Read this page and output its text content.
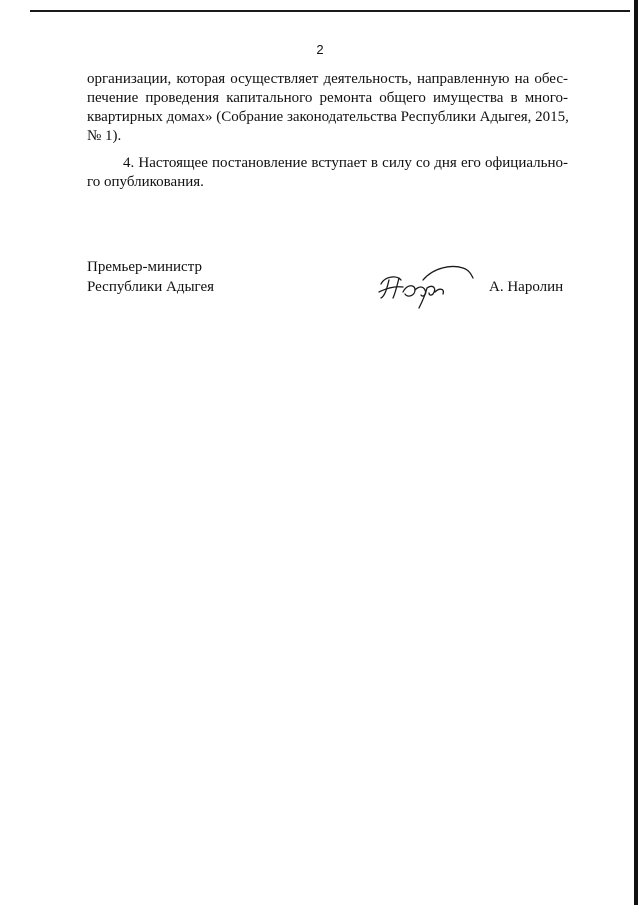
2
организации, которая осуществляет деятельность, направленную на обес-
печение проведения капитального ремонта общего имущества в много-
квартирных домах» (Собрание законодательства Республики Адыгея, 2015,
№ 1).
4. Настоящее постановление вступает в силу со дня его официально-
го опубликования.
Премьер-министр
Республики Адыгея	А. Наролин
